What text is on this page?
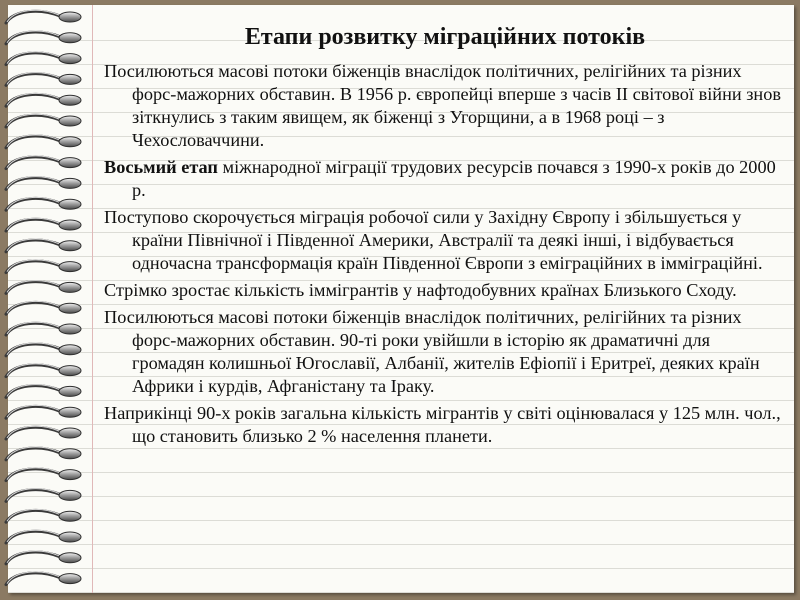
Етапи розвитку міграційних потоків

Посилюються масові потоки біженців внаслідок політичних, релігійних та різних форс-мажорних обставин. В 1956 р. європейці вперше з часів ІІ світової війни знов зіткнулись з таким явищем, як біженці з Угорщини, а в 1968 році – з Чехословаччини.

Восьмий етап міжнародної міграції трудових ресурсів почався з 1990-х років до 2000 р.

Поступово скорочується міграція робочої сили у Західну Європу і збільшується у країни Північної і Південної Америки, Австралії та деякі інші, і відбувається одночасна трансформація країн Південної Європи з еміграційних в імміграційні.

Стрімко зростає кількість іммігрантів у нафтодобувних країнах Близького Сходу.

Посилюються масові потоки біженців внаслідок політичних, релігійних та різних форс-мажорних обставин. 90-ті роки увійшли в історію як драматичні для громадян колишньої Югославії, Албанії, жителів Ефіопії і Еритреї, деяких країн Африки і курдів, Афганістану та Іраку.

Наприкінці 90-х років загальна кількість мігрантів у світі оцінювалася у 125 млн. чол., що становить близько 2 % населення планети.
